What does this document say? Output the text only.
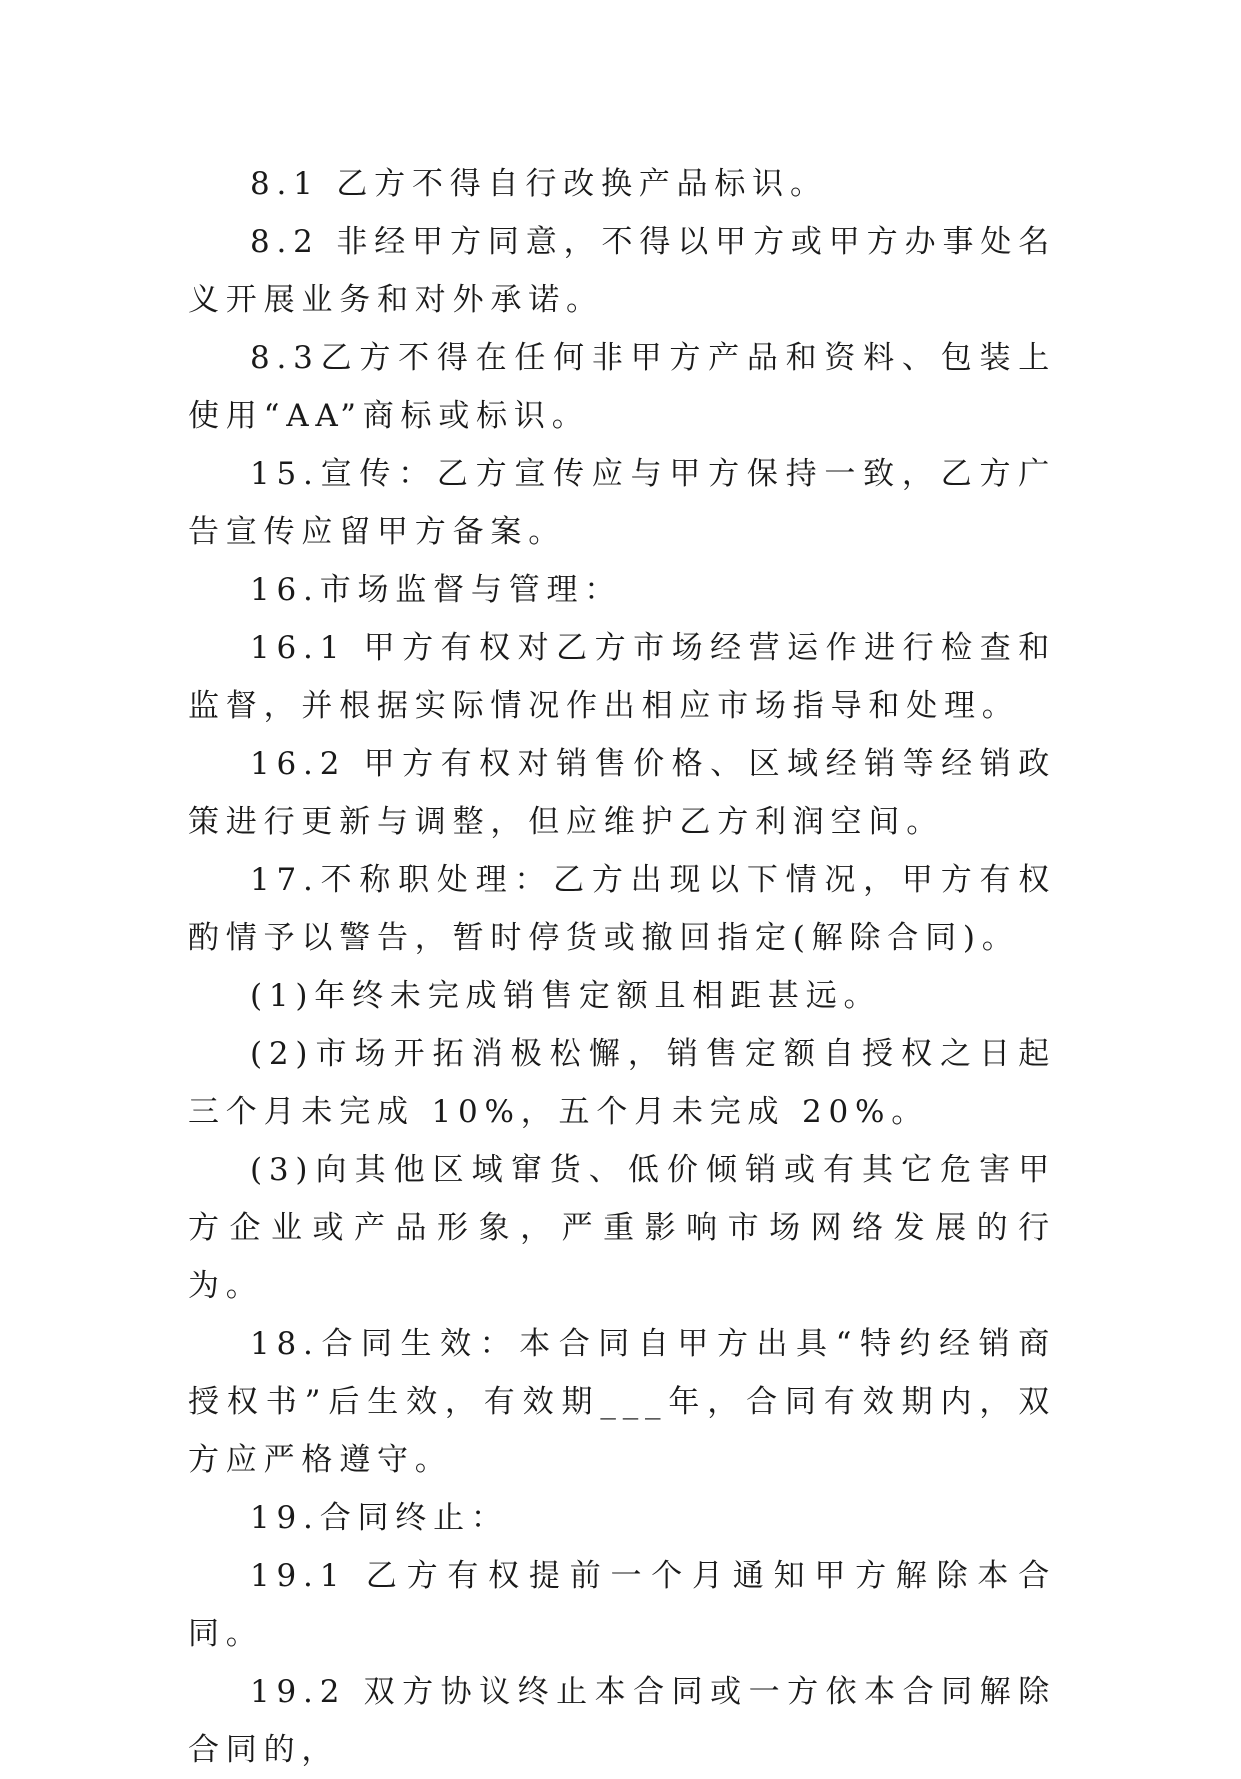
8.1 乙方不得自行改换产品标识。

8.2 非经甲方同意，不得以甲方或甲方办事处名义开展业务和对外承诺。

8.3乙方不得在任何非甲方产品和资料、包装上使用“AA”商标或标识。

15.宣传：乙方宣传应与甲方保持一致，乙方广告宣传应留甲方备案。

16.市场监督与管理：

16.1 甲方有权对乙方市场经营运作进行检查和监督，并根据实际情况作出相应市场指导和处理。

16.2 甲方有权对销售价格、区域经销等经销政策进行更新与调整，但应维护乙方利润空间。

17.不称职处理：乙方出现以下情况，甲方有权酌情予以警告，暂时停货或撤回指定(解除合同)。

(1)年终未完成销售定额且相距甚远。

(2)市场开拓消极松懈，销售定额自授权之日起三个月未完成 10%，五个月未完成 20%。

(3)向其他区域窜货、低价倾销或有其它危害甲方企业或产品形象，严重影响市场网络发展的行为。

18.合同生效：本合同自甲方出具“特约经销商授权书”后生效，有效期___年，合同有效期内，双方应严格遵守。

19.合同终止：

19.1 乙方有权提前一个月通知甲方解除本合同。

19.2 双方协议终止本合同或一方依本合同解除合同的，
